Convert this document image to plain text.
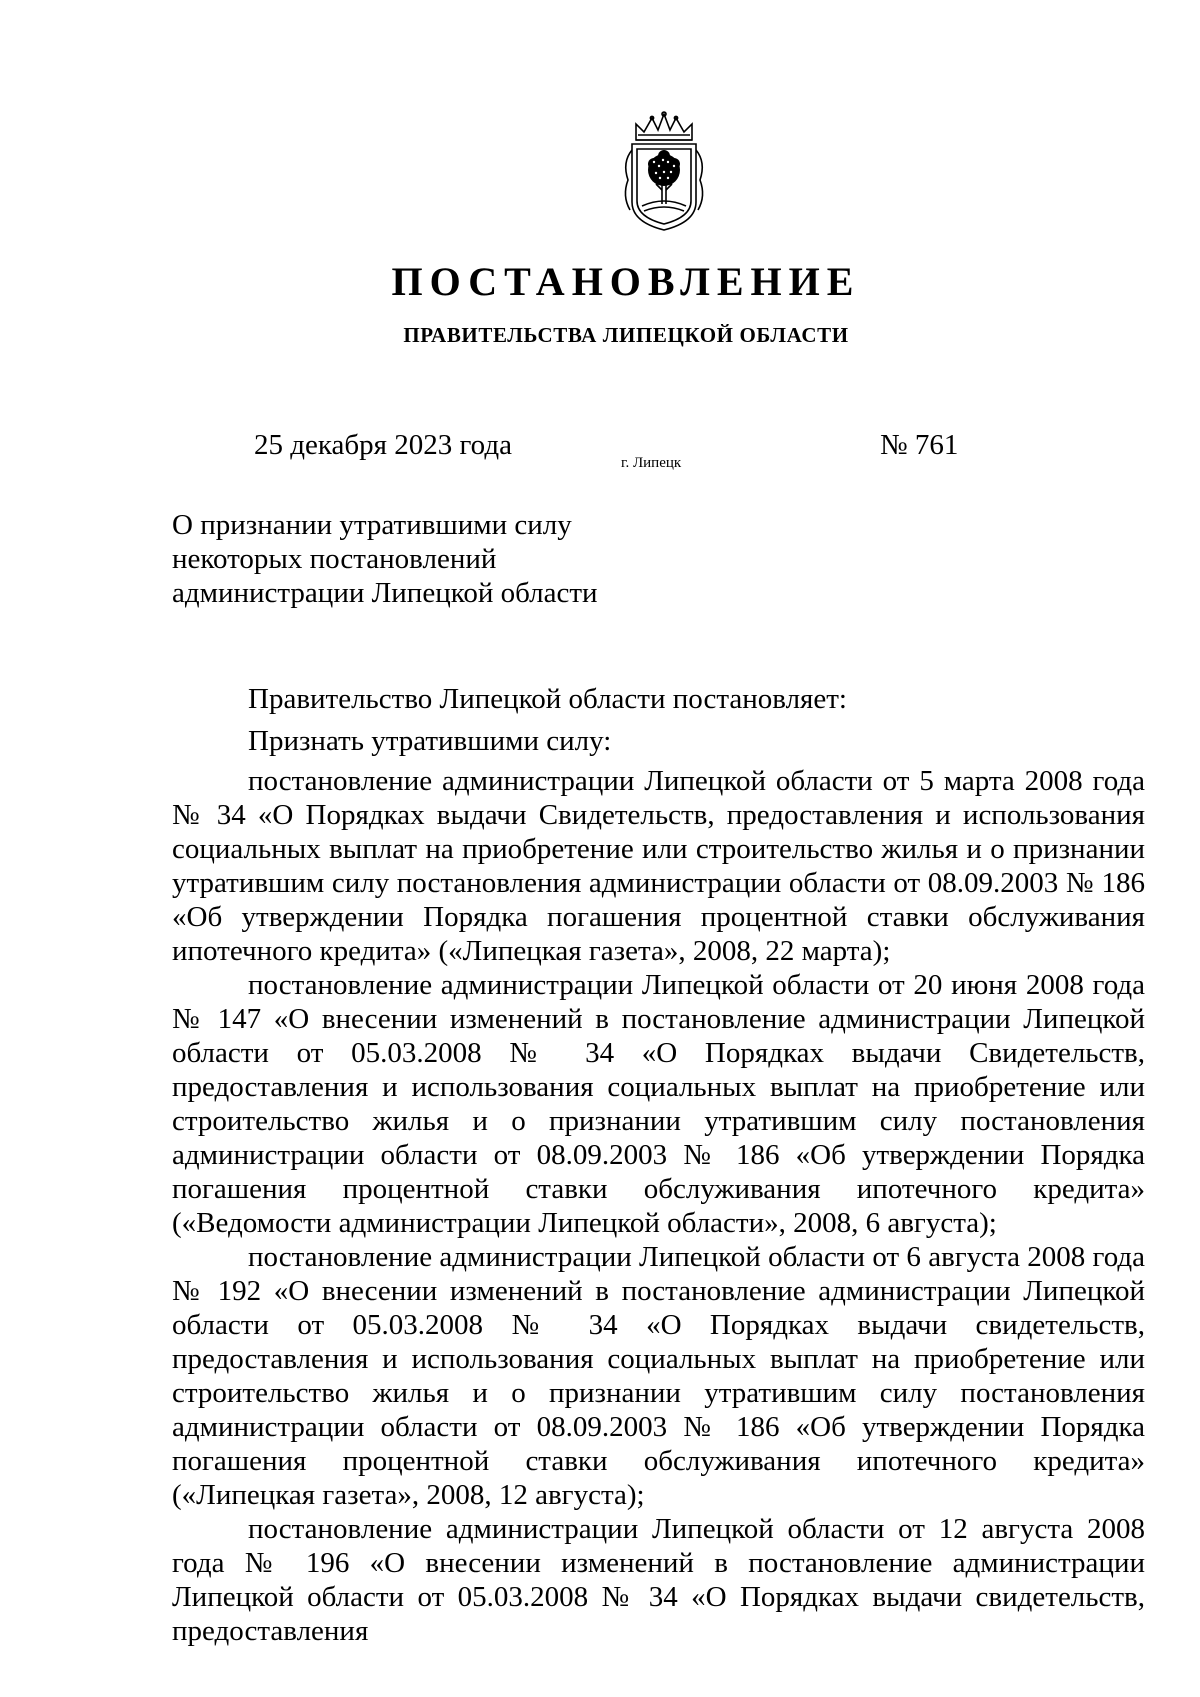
ПОСТАНОВЛЕНИЕ
ПРАВИТЕЛЬСТВА ЛИПЕЦКОЙ ОБЛАСТИ
25 декабря 2023 года
г. Липецк
№ 761
О признании утратившими силу
некоторых постановлений
администрации Липецкой области

Правительство Липецкой области постановляет:

Признать утратившими силу:

постановление администрации Липецкой области от 5 марта 2008 года № 34 «О Порядках выдачи Свидетельств, предоставления и использования социальных выплат на приобретение или строительство жилья и о признании утратившим силу постановления администрации области от 08.09.2003 № 186 «Об утверждении Порядка погашения процентной ставки обслуживания ипотечного кредита» («Липецкая газета», 2008, 22 марта);

постановление администрации Липецкой области от 20 июня 2008 года № 147 «О внесении изменений в постановление администрации Липецкой области от 05.03.2008 № 34 «О Порядках выдачи Свидетельств, предоставления и использования социальных выплат на приобретение или строительство жилья и о признании утратившим силу постановления администрации области от 08.09.2003 № 186 «Об утверждении Порядка погашения процентной ставки обслуживания ипотечного кредита» («Ведомости администрации Липецкой области», 2008, 6 августа);

постановление администрации Липецкой области от 6 августа 2008 года № 192 «О внесении изменений в постановление администрации Липецкой области от 05.03.2008 № 34 «О Порядках выдачи свидетельств, предоставления и использования социальных выплат на приобретение или строительство жилья и о признании утратившим силу постановления администрации области от 08.09.2003 № 186 «Об утверждении Порядка погашения процентной ставки обслуживания ипотечного кредита» («Липецкая газета», 2008, 12 августа);

постановление администрации Липецкой области от 12 августа 2008 года № 196 «О внесении изменений в постановление администрации Липецкой области от 05.03.2008 № 34 «О Порядках выдачи свидетельств, предоставления
